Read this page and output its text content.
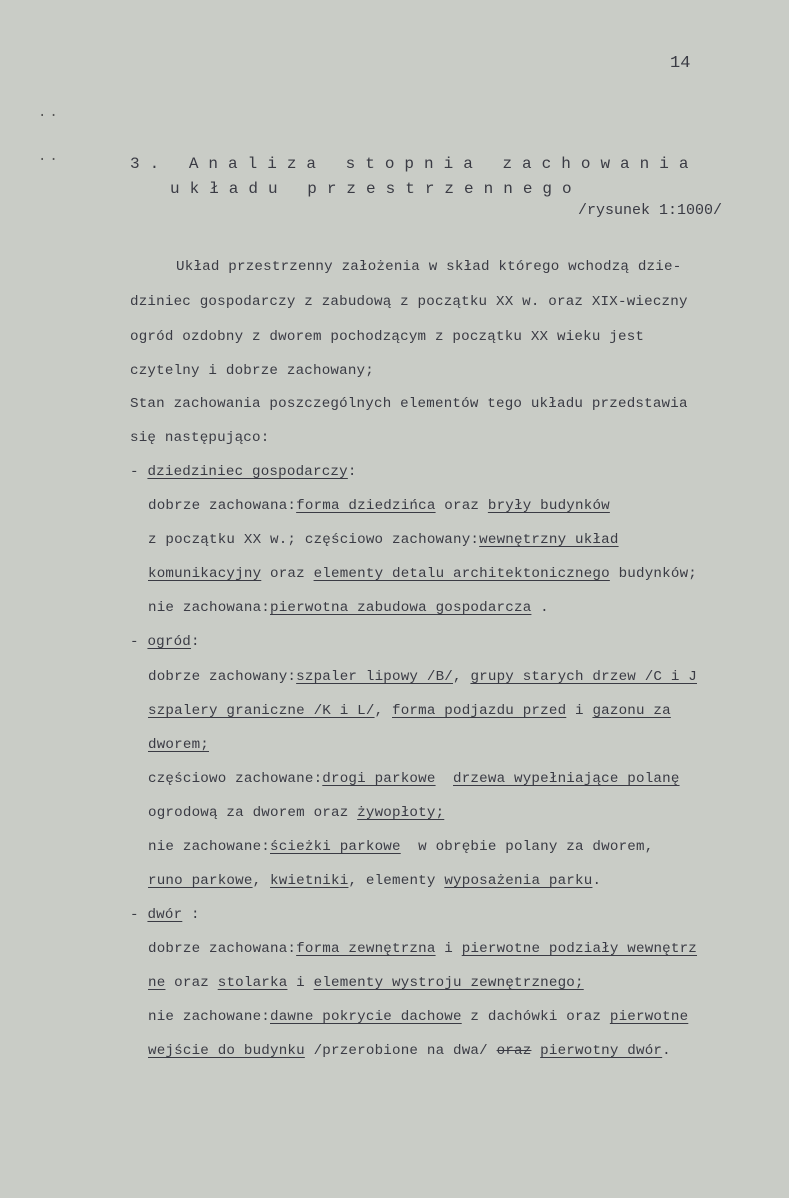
··
··
14
3. Analiza stopnia zachowania
układu przestrzennego
/rysunek 1:1000/
Układ przestrzenny założenia w skład którego wchodzą dzie-
dziniec gospodarczy z zabudową z początku XX w. oraz XIX-wieczny
ogród ozdobny z dworem pochodzącym z początku XX wieku jest
czytelny i dobrze zachowany;
Stan zachowania poszczególnych elementów tego układu przedstawia
się następująco:
- dziedziniec gospodarczy:
dobrze zachowana:forma dziedzińca oraz bryły budynków
z początku XX w.; częściowo zachowany:wewnętrzny układ
komunikacyjny oraz elementy detalu architektonicznego budynków;
nie zachowana:pierwotna zabudowa gospodarcza .
- ogród:
dobrze zachowany:szpaler lipowy /B/, grupy starych drzew /C i J
szpalery graniczne /K i L/, forma podjazdu przed i gazonu za
dworem;
częściowo zachowane:drogi parkowe drzewa wypełniające polanę
ogrodową za dworem oraz żywopłoty;
nie zachowane:ścieżki parkowe  w obrębie polany za dworem,
runo parkowe, kwietniki, elementy wyposażenia parku.
- dwór :
dobrze zachowana:forma zewnętrzna i pierwotne podziały wewnętrz
ne oraz stolarka i elementy wystroju zewnętrznego;
nie zachowane:dawne pokrycie dachowe z dachówki oraz pierwotne
wejście do budynku /przerobione na dwa/ oraz pierwotny dwór.
